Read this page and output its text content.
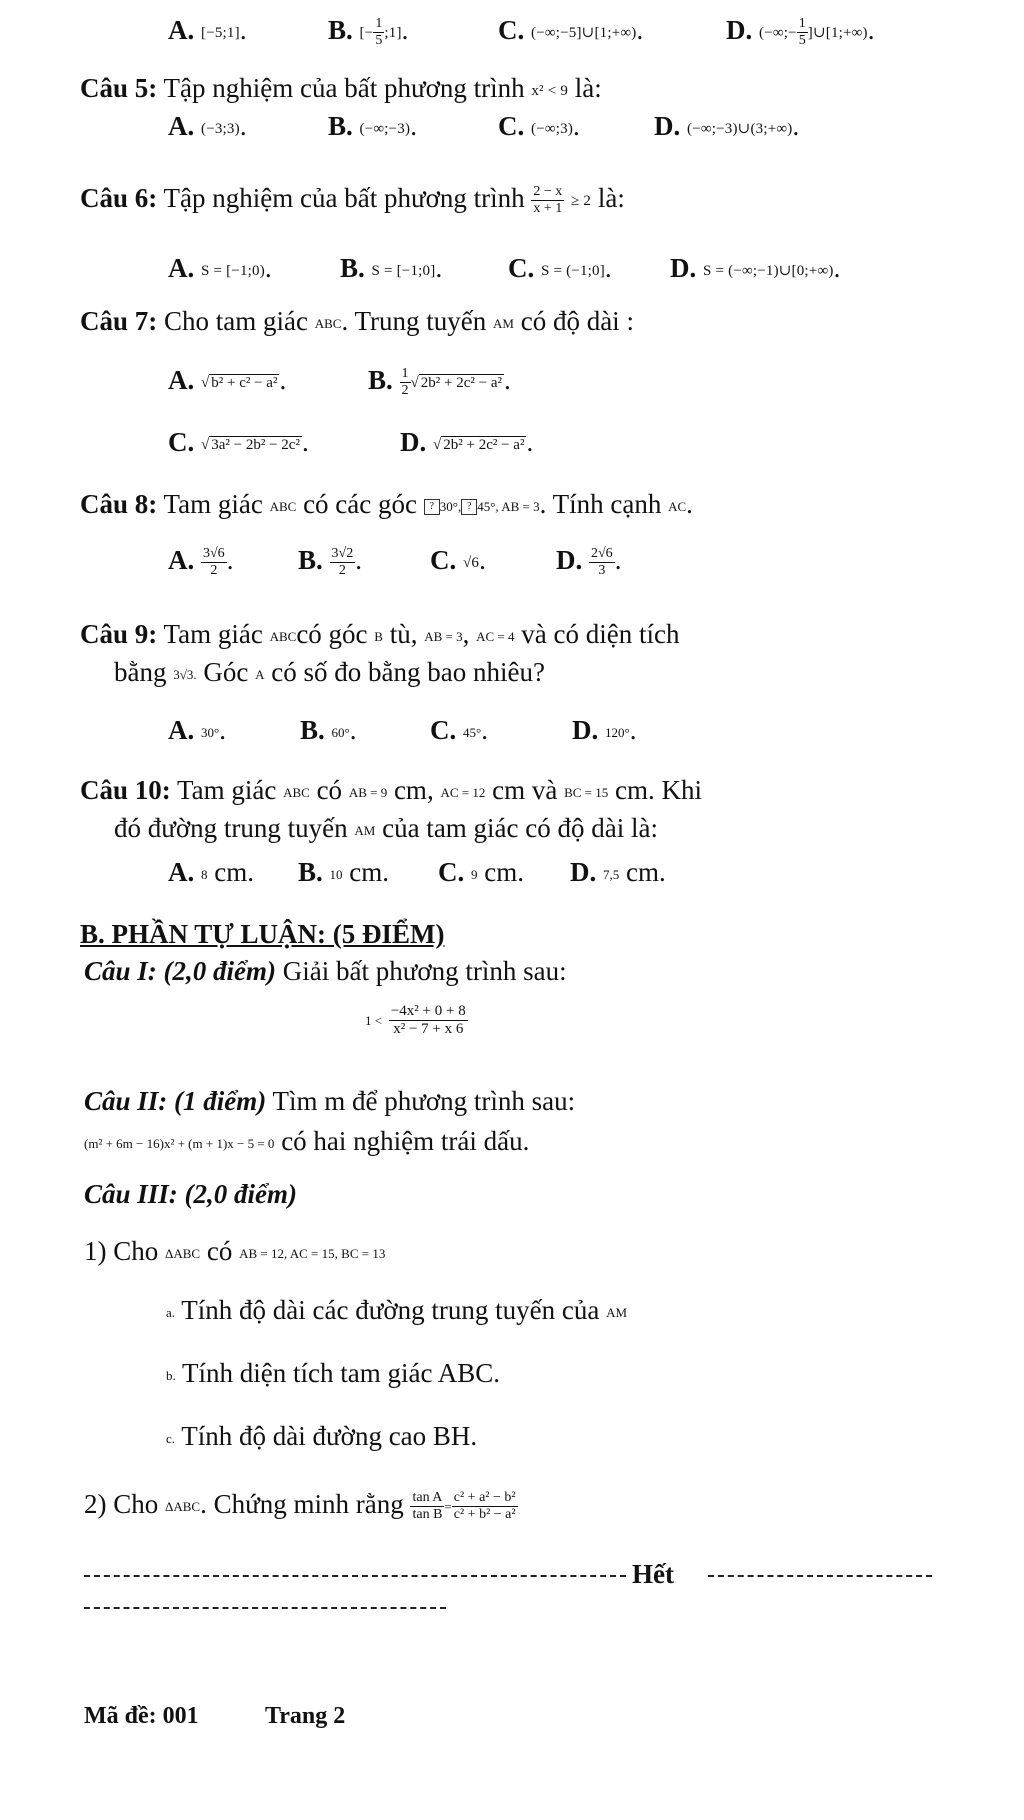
A. [−5;1].	B. [− $\frac{1}{5}$ ;1].	C. (−∞;−5]∪[1;+∞).	D. (−∞;− $\frac{1}{5}$ ]∪[1;+∞).
Câu 5: Tập nghiệm của bất phương trình x² < 9 là:
A. (−3;3).	B. (−∞;−3).	C. (−∞;3).	D. (−∞;−3)∪(3;+∞).
Câu 6: Tập nghiệm của bất phương trình $\frac{2 - x}{x + 1} \ge 2$ là:
A. S = [−1;0).	B. S = [−1;0]. C. S = (−1;0]. D. S = (−∞;−1)∪[0;+∞).
Câu 7: Cho tam giác ABC. Trung tuyến AM có độ dài :
A. √ b² + c² − a².	B. $\frac{1}{2}$ √ 2b² + 2c² − a².
C. √ 3a² − 2b² − 2c².	D. √ 2b² + 2c² − a².
Câu 8: Tam giác ABC có các góc ? 30°, ? 45°, AB = 3. Tính cạnh AC.
A. $\frac{3√6}{2}$ . B. $\frac{3√2}{2}$ .	C. √6.	D. $\frac{2√6}{3}$ .
Câu 9: Tam giác ABCcó góc B tù, AB = 3, AC = 4 và có diện tích
bằng 3√3. Góc A có số đo bằng bao nhiêu?
A. 30°.	B. 60°.	C. 45°.	D. 120°.
Câu 10: Tam giác ABC có AB = 9 cm, AC = 12 cm và BC = 15 cm. Khi
đó đường trung tuyến AM của tam giác có độ dài là:
A. 8 cm. B. 10 cm. C. 9 cm. D. 7,5 cm.
B. PHẦN TỰ LUẬN: (5 ĐIỂM)
Câu I: (2,0 điểm) Giải bất phương trình sau:
$1 < \frac{\text{−4x² + 0 + 8}}{\text{x² − 7 + x 6}}$
Câu II: (1 điểm) Tìm m để phương trình sau:
(m² + 6m − 16)x² + (m + 1)x − 5 = 0 có hai nghiệm trái dấu.
Câu III: (2,0 điểm)
1) Cho ΔABC có AB = 12, AC = 15, BC = 13
a. Tính độ dài các đường trung tuyến của AM
b. Tính diện tích tam giác ABC.
c. Tính độ dài đường cao BH.
2) Cho ΔABC. Chứng minh rằng $\frac{\text{tan A}}{\text{tan B}} = \frac{\text{c² + a² − b²}}{\text{c² + b² − a²}}$
Hết
Mã đề: 001	Trang 2
